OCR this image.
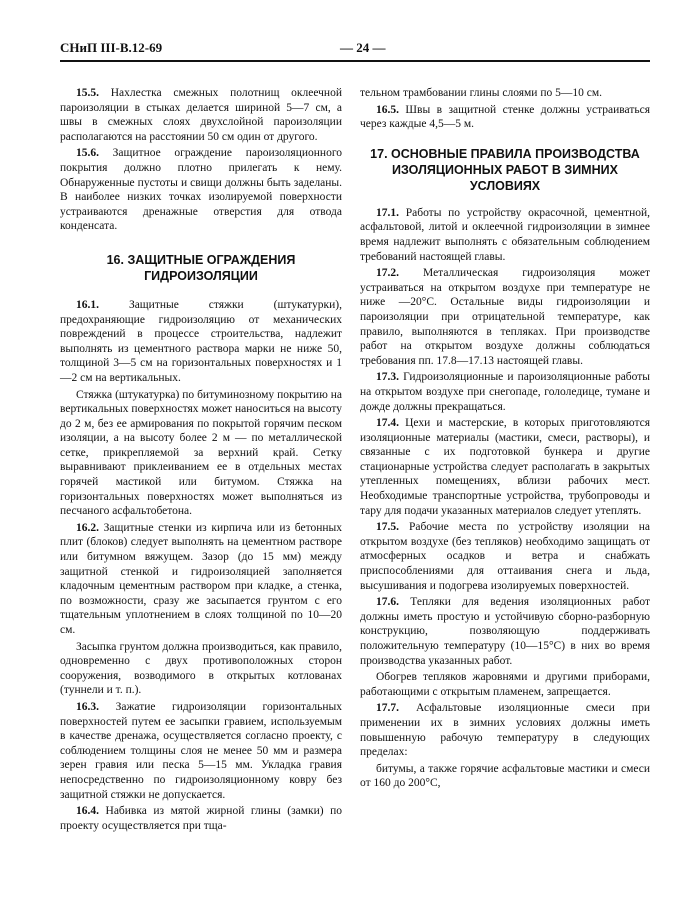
СНиП III-В.12-69	— 24 —

15.5. Нахлестка смежных полотнищ оклеечной пароизоляции в стыках делается шириной 5—7 см, а швы в смежных слоях двухслойной пароизоляции располагаются на расстоянии 50 см один от другого.

15.6. Защитное ограждение пароизоляционного покрытия должно плотно прилегать к нему. Обнаруженные пустоты и свищи должны быть заделаны. В наиболее низких точках изолируемой поверхности устраиваются дренажные отверстия для отвода конденсата.

16. ЗАЩИТНЫЕ ОГРАЖДЕНИЯ ГИДРОИЗОЛЯЦИИ

16.1.	Защитные стяжки (штукатурки), предохраняющие гидроизоляцию от механических повреждений в процессе строительства, надлежит выполнять из цементного раствора марки не ниже 50, толщиной 3—5 см на горизонтальных поверхностях и 1—2 см на вертикальных.

Стяжка (штукатурка) по битуминозному покрытию на вертикальных поверхностях может наноситься на высоту до 2 м, без ее армирования по покрытой горячим песком изоляции, а на высоту более 2 м — по металлической сетке, прикрепляемой за верхний край. Сетку выравнивают приклеиванием ее в отдельных местах горячей мастикой или битумом. Стяжка на горизонтальных поверхностях может выполняться из песчаного асфальтобетона.

16.2. Защитные стенки из кирпича или из бетонных плит (блоков) следует выполнять на цементном растворе или битумном вяжущем. Зазор (до 15 мм) между защитной стенкой и гидроизоляцией заполняется кладочным цементным раствором при кладке, а стенка, по возможности, сразу же засыпается грунтом с его тщательным уплотнением в слоях толщиной по 10—20 см.

Засыпка грунтом должна производиться, как правило, одновременно с двух противоположных сторон сооружения, возводимого в открытых котлованах (туннели и т. п.).

16.3. Зажатие гидроизоляции горизонтальных поверхностей путем ее засыпки гравием, используемым в качестве дренажа, осуществляется согласно проекту, с соблюдением толщины слоя не менее 50 мм и размера зерен гравия или песка 5—15 мм. Укладка гравия непосредственно по гидроизоляционному ковру без защитной стяжки не допускается.

16.4. Набивка из мятой жирной глины (замки) по проекту осуществляется при тща-

тельном трамбовании глины слоями по 5—10 см.

16.5. Швы в защитной стенке должны устраиваться через каждые 4,5—5 м.

17. ОСНОВНЫЕ ПРАВИЛА ПРОИЗВОДСТВА ИЗОЛЯЦИОННЫХ РАБОТ В ЗИМНИХ УСЛОВИЯХ

17.1. Работы по устройству окрасочной, цементной, асфальтовой, литой и оклеечной гидроизоляции в зимнее время надлежит выполнять с обязательным соблюдением требований настоящей главы.

17.2. Металлическая гидроизоляция может устраиваться на открытом воздухе при температуре не ниже —20°С. Остальные виды гидроизоляции и пароизоляции при отрицательной температуре, как правило, выполняются в тепляках. При производстве работ на открытом воздухе должны соблюдаться требования пп. 17.8—17.13 настоящей главы.

17.3. Гидроизоляционные и пароизоляционные работы на открытом воздухе при снегопаде, гололедице, тумане и дожде должны прекращаться.

17.4. Цехи и мастерские, в которых приготовляются изоляционные материалы (мастики, смеси, растворы), и связанные с их подготовкой бункера и другие стационарные устройства следует располагать в закрытых утепленных помещениях, вблизи рабочих мест. Необходимые транспортные устройства, трубопроводы и тару для подачи указанных материалов следует утеплять.

17.5. Рабочие места по устройству изоляции на открытом воздухе (без тепляков) необходимо защищать от атмосферных осадков и ветра и снабжать приспособлениями для оттаивания снега и льда, высушивания и подогрева изолируемых поверхностей.

17.6. Тепляки для ведения изоляционных работ должны иметь простую и устойчивую сборно-разборную конструкцию, позволяющую поддерживать положительную температуру (10—15°С) в них во время производства указанных работ.

Обогрев тепляков жаровнями и другими приборами, работающими с открытым пламенем, запрещается.

17.7. Асфальтовые изоляционные смеси при применении их в зимних условиях должны иметь повышенную рабочую температуру в следующих пределах:

битумы, а также горячие асфальтовые мастики и смеси от 160 до 200°С,
